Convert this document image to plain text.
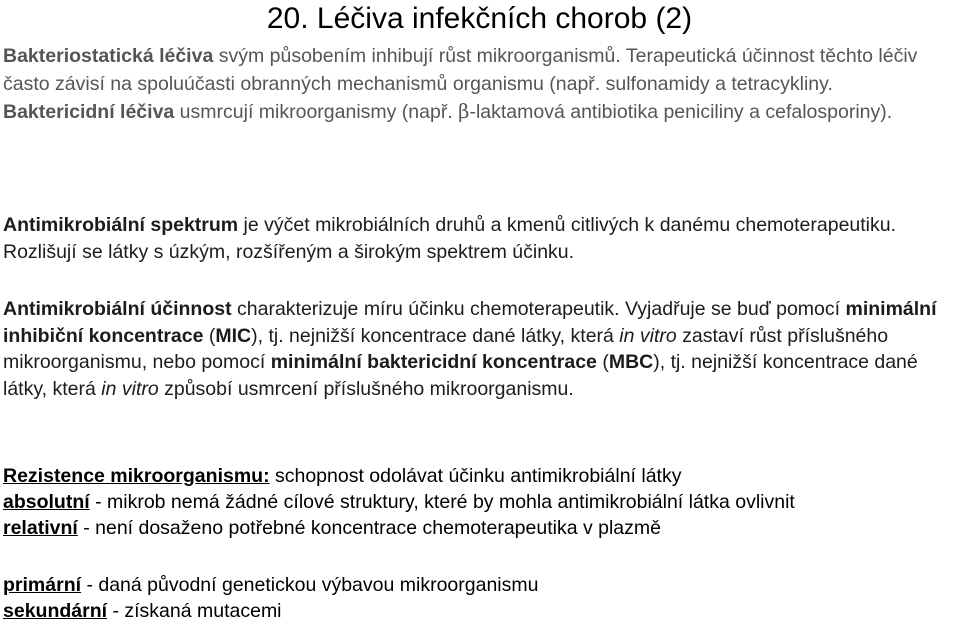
20. Léčiva infekčních chorob (2)

Bakteriostatická léčiva svým působením inhibují růst mikroorganismů. Terapeutická účinnost těchto léčiv často závisí na spoluúčasti obranných mechanismů organismu (např. sulfonamidy a tetracykliny.

Baktericidní léčiva usmrcují mikroorganismy (např. β-laktamová antibiotika peniciliny a cefalosporiny).

Antimikrobiální spektrum je výčet mikrobiálních druhů a kmenů citlivých k danému chemoterapeutiku. Rozlišují se látky s úzkým, rozšířeným a širokým spektrem účinku.

Antimikrobiální účinnost charakterizuje míru účinku chemoterapeutik. Vyjadřuje se buď pomocí minimální inhibiční koncentrace (MIC), tj. nejnižší koncentrace dané látky, která in vitro zastaví růst příslušného mikroorganismu, nebo pomocí minimální baktericidní koncentrace (MBC), tj. nejnižší koncentrace dané látky, která in vitro způsobí usmrcení příslušného mikroorganismu.

Rezistence mikroorganismu: schopnost odolávat účinku antimikrobiální látky

absolutní - mikrob nemá žádné cílové struktury, které by mohla antimikrobiální látka ovlivnit

relativní - není dosaženo potřebné koncentrace chemoterapeutika v plazmě

primární - daná původní genetickou výbavou mikroorganismu

sekundární - získaná mutacemi
